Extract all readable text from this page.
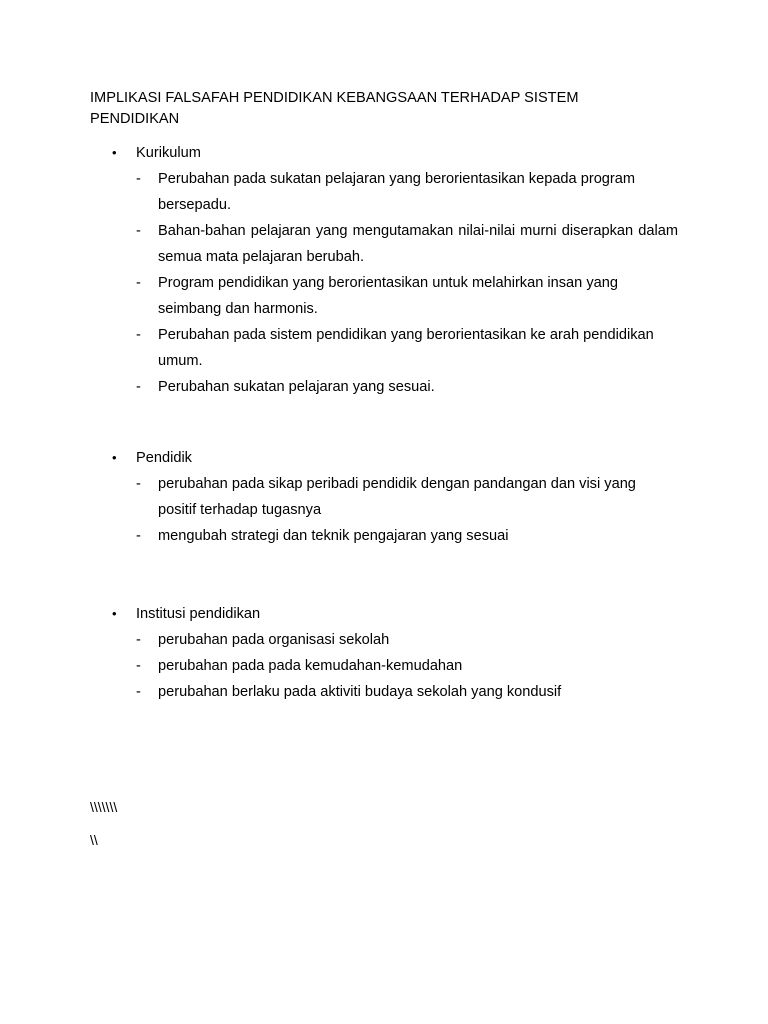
IMPLIKASI FALSAFAH PENDIDIKAN KEBANGSAAN TERHADAP SISTEM
PENDIDIKAN
• Kurikulum
- Perubahan pada sukatan pelajaran yang berorientasikan kepada program bersepadu.
- Bahan-bahan pelajaran yang mengutamakan nilai-nilai murni diserapkan dalam semua mata pelajaran berubah.
- Program pendidikan yang berorientasikan untuk melahirkan insan yang seimbang dan harmonis.
- Perubahan pada sistem pendidikan yang berorientasikan ke arah pendidikan umum.
- Perubahan sukatan pelajaran yang sesuai.
• Pendidik
- perubahan pada sikap peribadi pendidik dengan pandangan dan visi yang positif terhadap tugasnya
- mengubah strategi dan teknik pengajaran yang sesuai
• Institusi pendidikan
- perubahan pada organisasi sekolah
- perubahan pada pada kemudahan-kemudahan
- perubahan berlaku pada aktiviti budaya sekolah yang kondusif
\\\\\\\
\\
